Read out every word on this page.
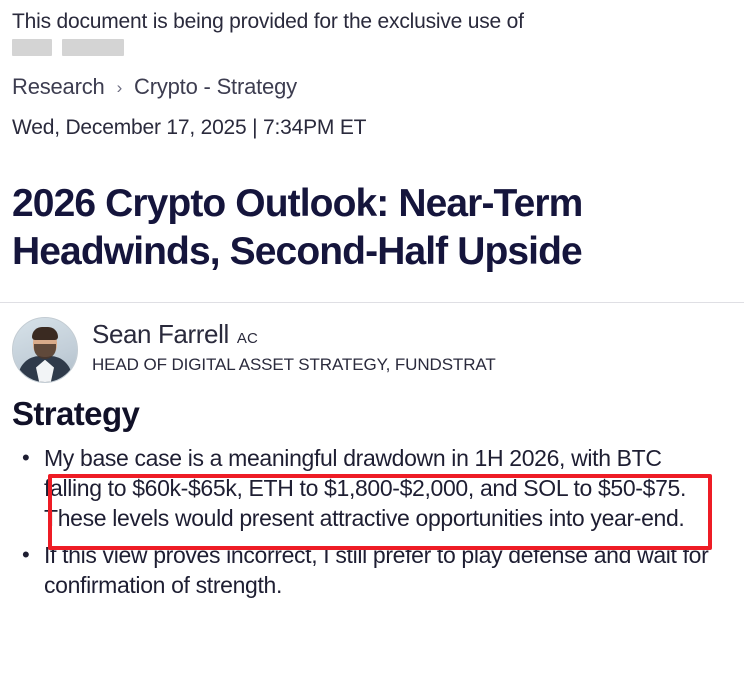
This document is being provided for the exclusive use of
Research › Crypto - Strategy
Wed, December 17, 2025 | 7:34PM ET
2026 Crypto Outlook: Near-Term Headwinds, Second-Half Upside
Sean Farrell AC
HEAD OF DIGITAL ASSET STRATEGY, FUNDSTRAT
Strategy
• My base case is a meaningful drawdown in 1H 2026, with BTC falling to $60k-$65k, ETH to $1,800-$2,000, and SOL to $50-$75. These levels would present attractive opportunities into year-end.
• If this view proves incorrect, I still prefer to play defense and wait for confirmation of strength.
